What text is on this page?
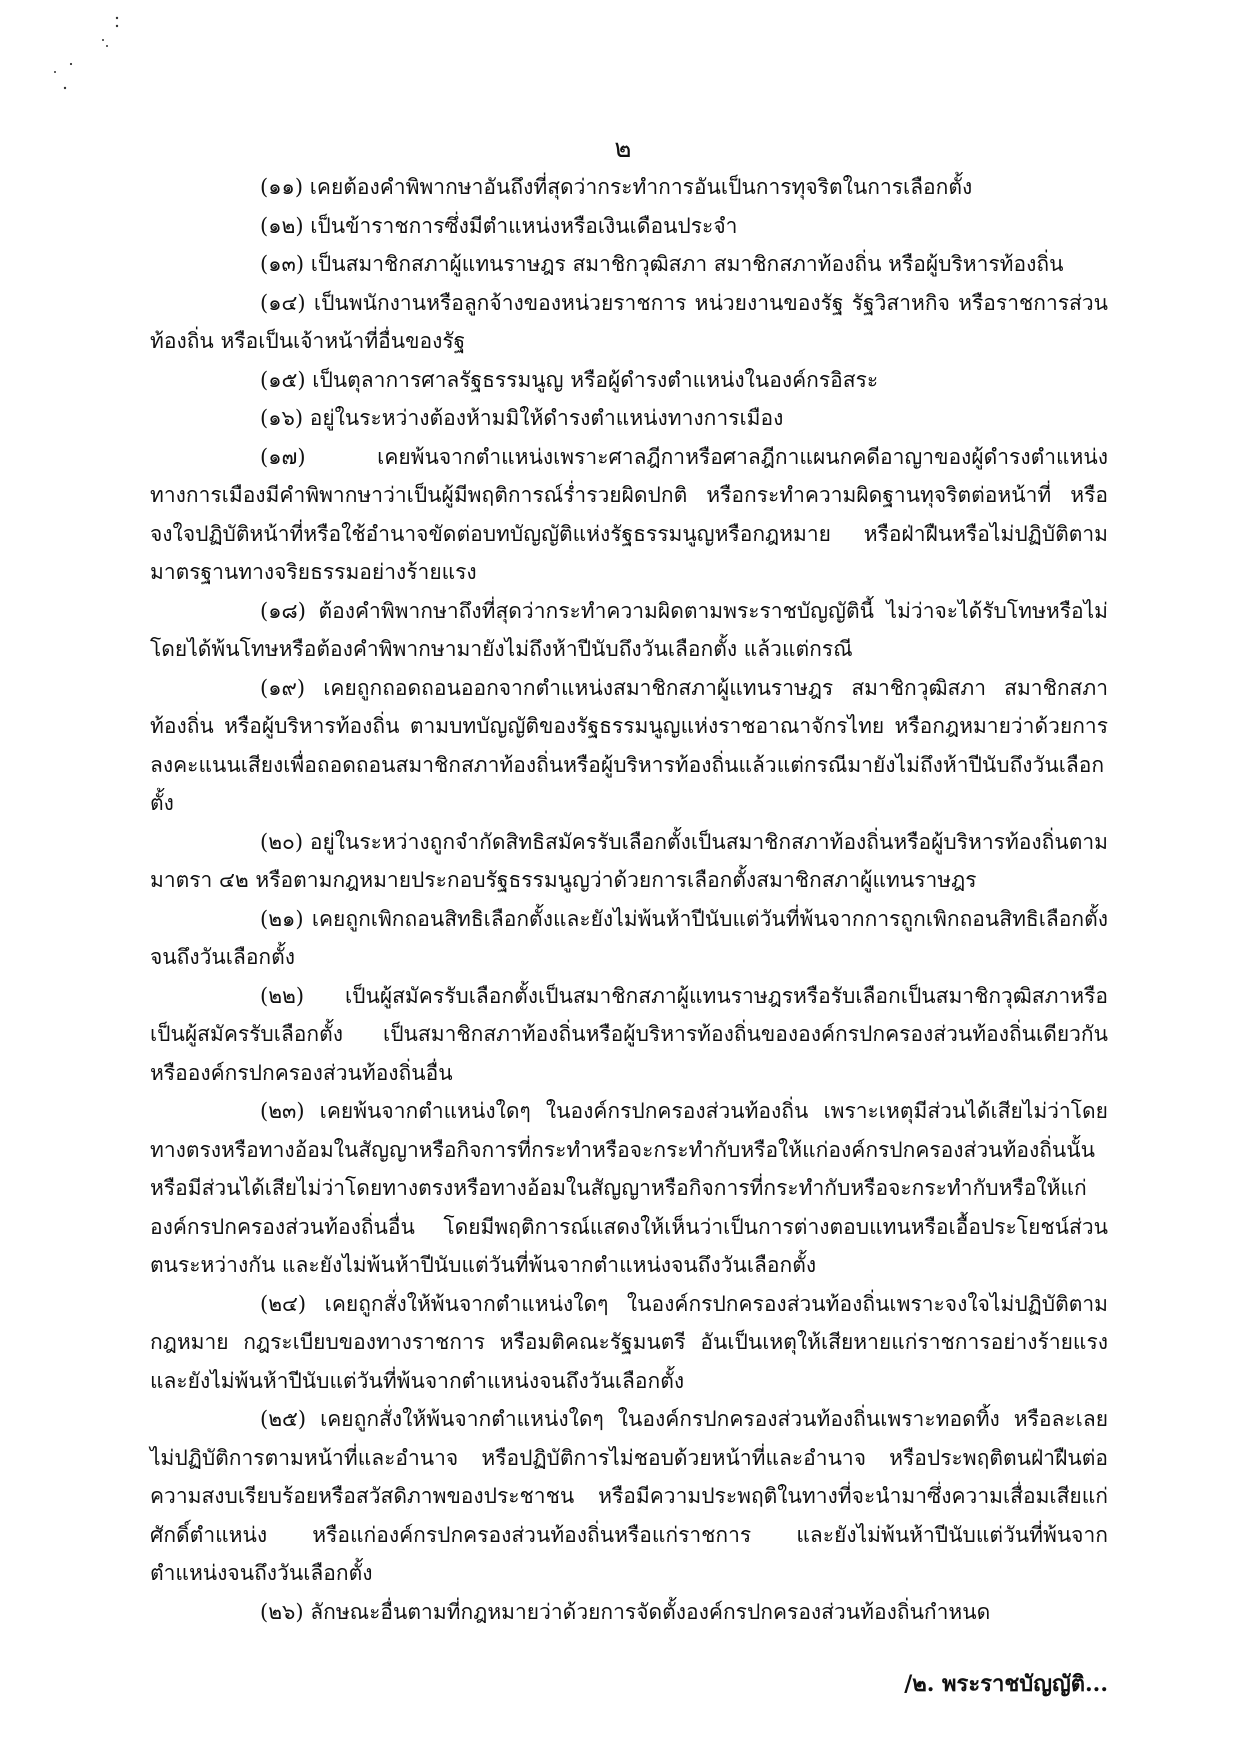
๒

(๑๑) เคยต้องคำพิพากษาอันถึงที่สุดว่ากระทำการอันเป็นการทุจริตในการเลือกตั้ง

(๑๒) เป็นข้าราชการซึ่งมีตำแหน่งหรือเงินเดือนประจำ

(๑๓) เป็นสมาชิกสภาผู้แทนราษฎร สมาชิกวุฒิสภา สมาชิกสภาท้องถิ่น หรือผู้บริหารท้องถิ่น

(๑๔) เป็นพนักงานหรือลูกจ้างของหน่วยราชการ หน่วยงานของรัฐ รัฐวิสาหกิจ หรือราชการส่วนท้องถิ่น หรือเป็นเจ้าหน้าที่อื่นของรัฐ

(๑๕) เป็นตุลาการศาลรัฐธรรมนูญ หรือผู้ดำรงตำแหน่งในองค์กรอิสระ

(๑๖) อยู่ในระหว่างต้องห้ามมิให้ดำรงตำแหน่งทางการเมือง

(๑๗) เคยพ้นจากตำแหน่งเพราะศาลฎีกาหรือศาลฎีกาแผนกคดีอาญาของผู้ดำรงตำแหน่งทางการเมืองมีคำพิพากษาว่าเป็นผู้มีพฤติการณ์ร่ำรวยผิดปกติ หรือกระทำความผิดฐานทุจริตต่อหน้าที่ หรือจงใจปฏิบัติหน้าที่หรือใช้อำนาจขัดต่อบทบัญญัติแห่งรัฐธรรมนูญหรือกฎหมาย หรือฝ่าฝืนหรือไม่ปฏิบัติตามมาตรฐานทางจริยธรรมอย่างร้ายแรง

(๑๘) ต้องคำพิพากษาถึงที่สุดว่ากระทำความผิดตามพระราชบัญญัตินี้ ไม่ว่าจะได้รับโทษหรือไม่ โดยได้พ้นโทษหรือต้องคำพิพากษามายังไม่ถึงห้าปีนับถึงวันเลือกตั้ง แล้วแต่กรณี

(๑๙) เคยถูกถอดถอนออกจากตำแหน่งสมาชิกสภาผู้แทนราษฎร สมาชิกวุฒิสภา สมาชิกสภาท้องถิ่น หรือผู้บริหารท้องถิ่น ตามบทบัญญัติของรัฐธรรมนูญแห่งราชอาณาจักรไทย หรือกฎหมายว่าด้วยการลงคะแนนเสียงเพื่อถอดถอนสมาชิกสภาท้องถิ่นหรือผู้บริหารท้องถิ่นแล้วแต่กรณีมายังไม่ถึงห้าปีนับถึงวันเลือกตั้ง

(๒๐) อยู่ในระหว่างถูกจำกัดสิทธิสมัครรับเลือกตั้งเป็นสมาชิกสภาท้องถิ่นหรือผู้บริหารท้องถิ่นตามมาตรา ๔๒ หรือตามกฎหมายประกอบรัฐธรรมนูญว่าด้วยการเลือกตั้งสมาชิกสภาผู้แทนราษฎร

(๒๑) เคยถูกเพิกถอนสิทธิเลือกตั้งและยังไม่พ้นห้าปีนับแต่วันที่พ้นจากการถูกเพิกถอนสิทธิเลือกตั้งจนถึงวันเลือกตั้ง

(๒๒) เป็นผู้สมัครรับเลือกตั้งเป็นสมาชิกสภาผู้แทนราษฎรหรือรับเลือกเป็นสมาชิกวุฒิสภาหรือเป็นผู้สมัครรับเลือกตั้ง เป็นสมาชิกสภาท้องถิ่นหรือผู้บริหารท้องถิ่นขององค์กรปกครองส่วนท้องถิ่นเดียวกันหรือองค์กรปกครองส่วนท้องถิ่นอื่น

(๒๓) เคยพ้นจากตำแหน่งใดๆ ในองค์กรปกครองส่วนท้องถิ่น เพราะเหตุมีส่วนได้เสียไม่ว่าโดยทางตรงหรือทางอ้อมในสัญญาหรือกิจการที่กระทำหรือจะกระทำกับหรือให้แก่องค์กรปกครองส่วนท้องถิ่นนั้น หรือมีส่วนได้เสียไม่ว่าโดยทางตรงหรือทางอ้อมในสัญญาหรือกิจการที่กระทำกับหรือจะกระทำกับหรือให้แก่องค์กรปกครองส่วนท้องถิ่นอื่น โดยมีพฤติการณ์แสดงให้เห็นว่าเป็นการต่างตอบแทนหรือเอื้อประโยชน์ส่วนตนระหว่างกัน และยังไม่พ้นห้าปีนับแต่วันที่พ้นจากตำแหน่งจนถึงวันเลือกตั้ง

(๒๔) เคยถูกสั่งให้พ้นจากตำแหน่งใดๆ ในองค์กรปกครองส่วนท้องถิ่นเพราะจงใจไม่ปฏิบัติตามกฎหมาย กฎระเบียบของทางราชการ หรือมติคณะรัฐมนตรี อันเป็นเหตุให้เสียหายแก่ราชการอย่างร้ายแรงและยังไม่พ้นห้าปีนับแต่วันที่พ้นจากตำแหน่งจนถึงวันเลือกตั้ง

(๒๕) เคยถูกสั่งให้พ้นจากตำแหน่งใดๆ ในองค์กรปกครองส่วนท้องถิ่นเพราะทอดทิ้ง หรือละเลยไม่ปฏิบัติการตามหน้าที่และอำนาจ หรือปฏิบัติการไม่ชอบด้วยหน้าที่และอำนาจ หรือประพฤติตนฝ่าฝืนต่อความสงบเรียบร้อยหรือสวัสดิภาพของประชาชน หรือมีความประพฤติในทางที่จะนำมาซึ่งความเสื่อมเสียแก่ศักดิ์ตำแหน่ง หรือแก่องค์กรปกครองส่วนท้องถิ่นหรือแก่ราชการ และยังไม่พ้นห้าปีนับแต่วันที่พ้นจากตำแหน่งจนถึงวันเลือกตั้ง

(๒๖) ลักษณะอื่นตามที่กฎหมายว่าด้วยการจัดตั้งองค์กรปกครองส่วนท้องถิ่นกำหนด

/๒. พระราชบัญญัติ...
